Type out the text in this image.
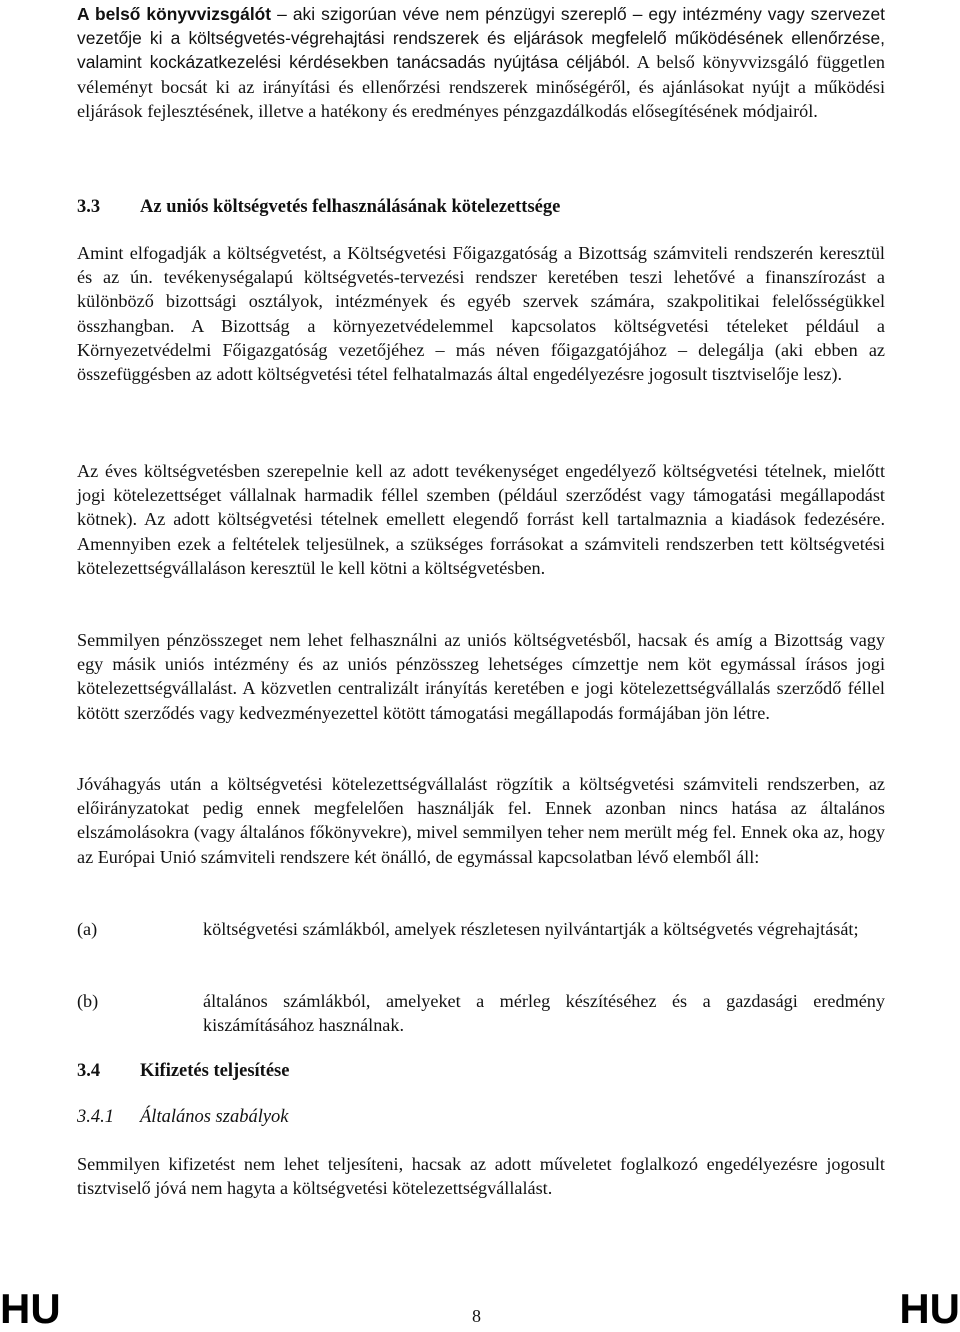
A belső könyvvizsgálót – aki szigorúan véve nem pénzügyi szereplő – egy intézmény vagy szervezet vezetője ki a költségvetés-végrehajtási rendszerek és eljárások megfelelő működésének ellenőrzése, valamint kockázatkezelési kérdésekben tanácsadás nyújtása céljából. A belső könyvvizsgáló független véleményt bocsát ki az irányítási és ellenőrzési rendszerek minőségéről, és ajánlásokat nyújt a működési eljárások fejlesztésének, illetve a hatékony és eredményes pénzgazdálkodás elősegítésének módjairól.

3.3	Az uniós költségvetés felhasználásának kötelezettsége

Amint elfogadják a költségvetést, a Költségvetési Főigazgatóság a Bizottság számviteli rendszerén keresztül és az ún. tevékenységalapú költségvetés-tervezési rendszer keretében teszi lehetővé a finanszírozást a különböző bizottsági osztályok, intézmények és egyéb szervek számára, szakpolitikai felelősségükkel összhangban. A Bizottság a környezetvédelemmel kapcsolatos költségvetési tételeket például a Környezetvédelmi Főigazgatóság vezetőjéhez – más néven főigazgatójához – delegálja (aki ebben az összefüggésben az adott költségvetési tétel felhatalmazás által engedélyezésre jogosult tisztviselője lesz).

Az éves költségvetésben szerepelnie kell az adott tevékenységet engedélyező költségvetési tételnek, mielőtt jogi kötelezettséget vállalnak harmadik féllel szemben (például szerződést vagy támogatási megállapodást kötnek). Az adott költségvetési tételnek emellett elegendő forrást kell tartalmaznia a kiadások fedezésére. Amennyiben ezek a feltételek teljesülnek, a szükséges forrásokat a számviteli rendszerben tett költségvetési kötelezettségvállaláson keresztül le kell kötni a költségvetésben.

Semmilyen pénzösszeget nem lehet felhasználni az uniós költségvetésből, hacsak és amíg a Bizottság vagy egy másik uniós intézmény és az uniós pénzösszeg lehetséges címzettje nem köt egymással írásos jogi kötelezettségvállalást. A közvetlen centralizált irányítás keretében e jogi kötelezettségvállalás szerződő féllel kötött szerződés vagy kedvezményezettel kötött támogatási megállapodás formájában jön létre.

Jóváhagyás után a költségvetési kötelezettségvállalást rögzítik a költségvetési számviteli rendszerben, az előirányzatokat pedig ennek megfelelően használják fel. Ennek azonban nincs hatása az általános elszámolásokra (vagy általános főkönyvekre), mivel semmilyen teher nem merült még fel. Ennek oka az, hogy az Európai Unió számviteli rendszere két önálló, de egymással kapcsolatban lévő elemből áll:

(a)	költségvetési számlákból, amelyek részletesen nyilvántartják a költségvetés végrehajtását;
(b)	általános számlákból, amelyeket a mérleg készítéséhez és a gazdasági eredmény kiszámításához használnak.
3.4	Kifizetés teljesítése
3.4.1	Általános szabályok

Semmilyen kifizetést nem lehet teljesíteni, hacsak az adott műveletet foglalkozó engedélyezésre jogosult tisztviselő jóvá nem hagyta a költségvetési kötelezettségvállalást.

HU	8	HU
